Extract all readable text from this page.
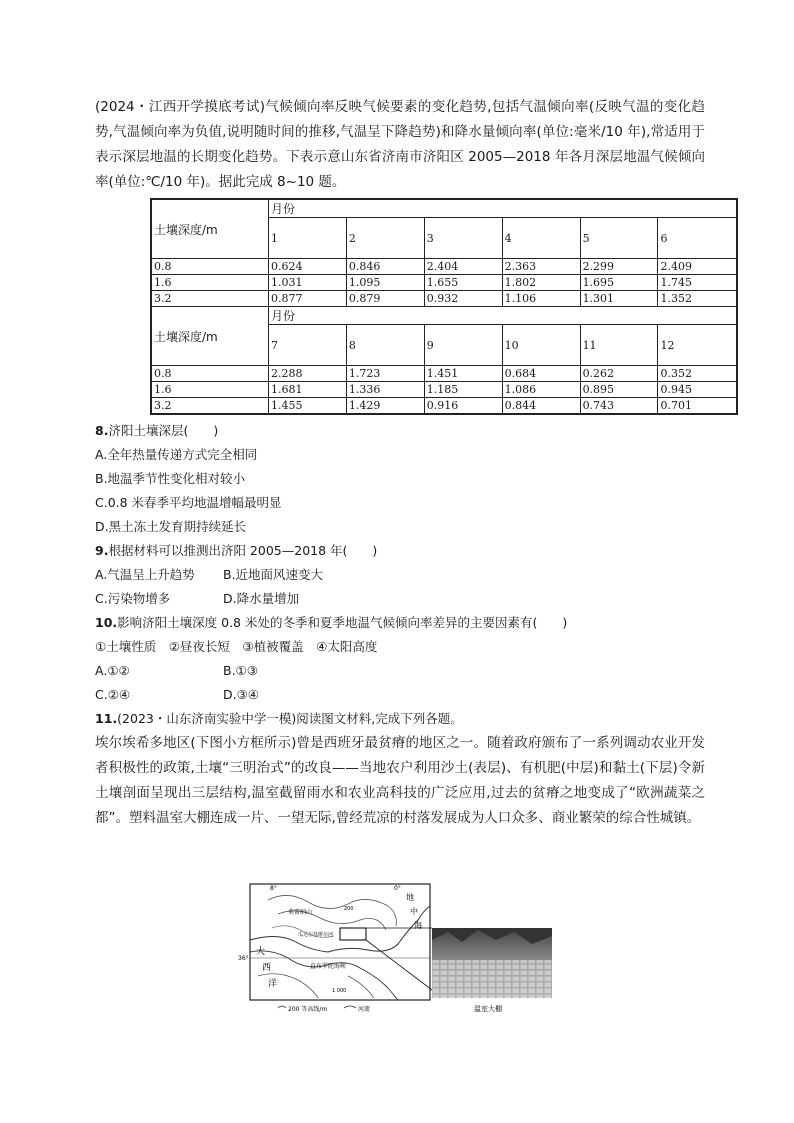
(2024・江西开学摸底考试)气候倾向率反映气候要素的变化趋势,包括气温倾向率(反映气温的变化趋势,气温倾向率为负值,说明随时间的推移,气温呈下降趋势)和降水量倾向率(单位:毫米/10 年),常适用于表示深层地温的长期变化趋势。下表示意山东省济南市济阳区 2005—2018 年各月深层地温气候倾向率(单位:℃/10 年)。据此完成 8~10 题。

土壤深度/m	月份					
	1	2	3	4	5	6
0.8	0.624	0.846	2.404	2.363	2.299	2.409
1.6	1.031	1.095	1.655	1.802	1.695	1.745
3.2	0.877	0.879	0.932	1.106	1.301	1.352
土壤深度/m	月份					
	7	8	9	10	11	12
0.8	2.288	1.723	1.451	0.684	0.262	0.352
1.6	1.681	1.336	1.185	1.086	0.895	0.945
3.2	1.455	1.429	0.916	0.844	0.743	0.701

8.济阳土壤深层(　　)

A.全年热量传递方式完全相同

B.地温季节性变化相对较小

C.0.8 米春季平均地温增幅最明显

D.黑土冻土发育期持续延长

9.根据材料可以推测出济阳 2005—2018 年(　　)

A.气温呈上升趋势	B.近地面风速变大
C.污染物增多	D.降水量增加

10.影响济阳土壤深度 0.8 米处的冬季和夏季地温气候倾向率差异的主要因素有(　　)

①土壤性质　②昼夜长短　③植被覆盖　④太阳高度

A.①②	B.①③
C.②④	D.③④

11.(2023・山东济南实验中学一模)阅读图文材料,完成下列各题。

埃尔埃希多地区(下图小方框所示)曾是西班牙最贫瘠的地区之一。随着政府颁布了一系列调动农业开发者积极性的政策,土壤“三明治式”的改良——当地农户利用沙土(表层)、有机肥(中层)和黏土(下层)令新土壤剖面呈现出三层结构,温室截留雨水和农业高科技的广泛应用,过去的贫瘠之地变成了“欧洲蔬菜之都”。塑料温室大棚连成一片、一望无际,曾经荒凉的村落发展成为人口众多、商业繁荣的综合性城镇。

8°	0°
36°
大
西
洋
地
中
海
莫雷纳山
瓜达尔基维尔河
直布罗陀海峡
200
1 000
200 等高线/m	河流	温室大棚
